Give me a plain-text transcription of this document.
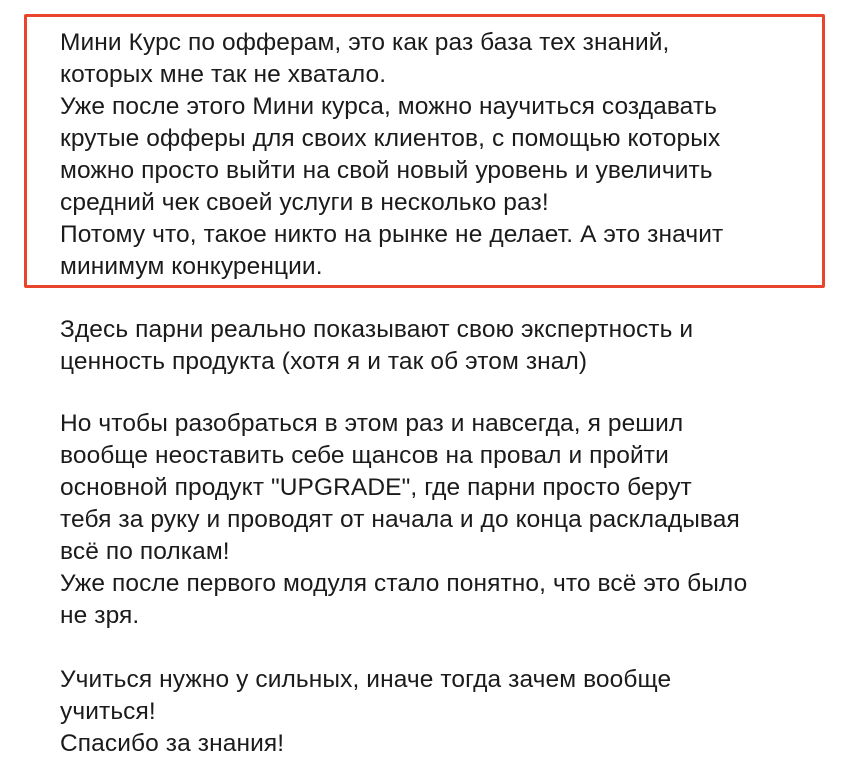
Мини Курс по офферам, это как раз база тех знаний,
которых мне так не хватало.
Уже после этого Мини курса, можно научиться создавать
крутые офферы для своих клиентов, с помощью которых
можно просто выйти на свой новый уровень и увеличить
средний чек своей услуги в несколько раз!
Потому что, такое никто на рынке не делает. А это значит
минимум конкуренции.

Здесь парни реально показывают свою экспертность и
ценность продукта (хотя я и так об этом знал)

Но чтобы разобраться в этом раз и навсегда, я решил
вообще неоставить себе щансов на провал и пройти
основной продукт "UPGRADE", где парни просто берут
тебя за руку и проводят от начала и до конца раскладывая
всё по полкам!
Уже после первого модуля стало понятно, что всё это было
не зря.

Учиться нужно у сильных, иначе тогда зачем вообще
учиться!
Спасибо за знания!
